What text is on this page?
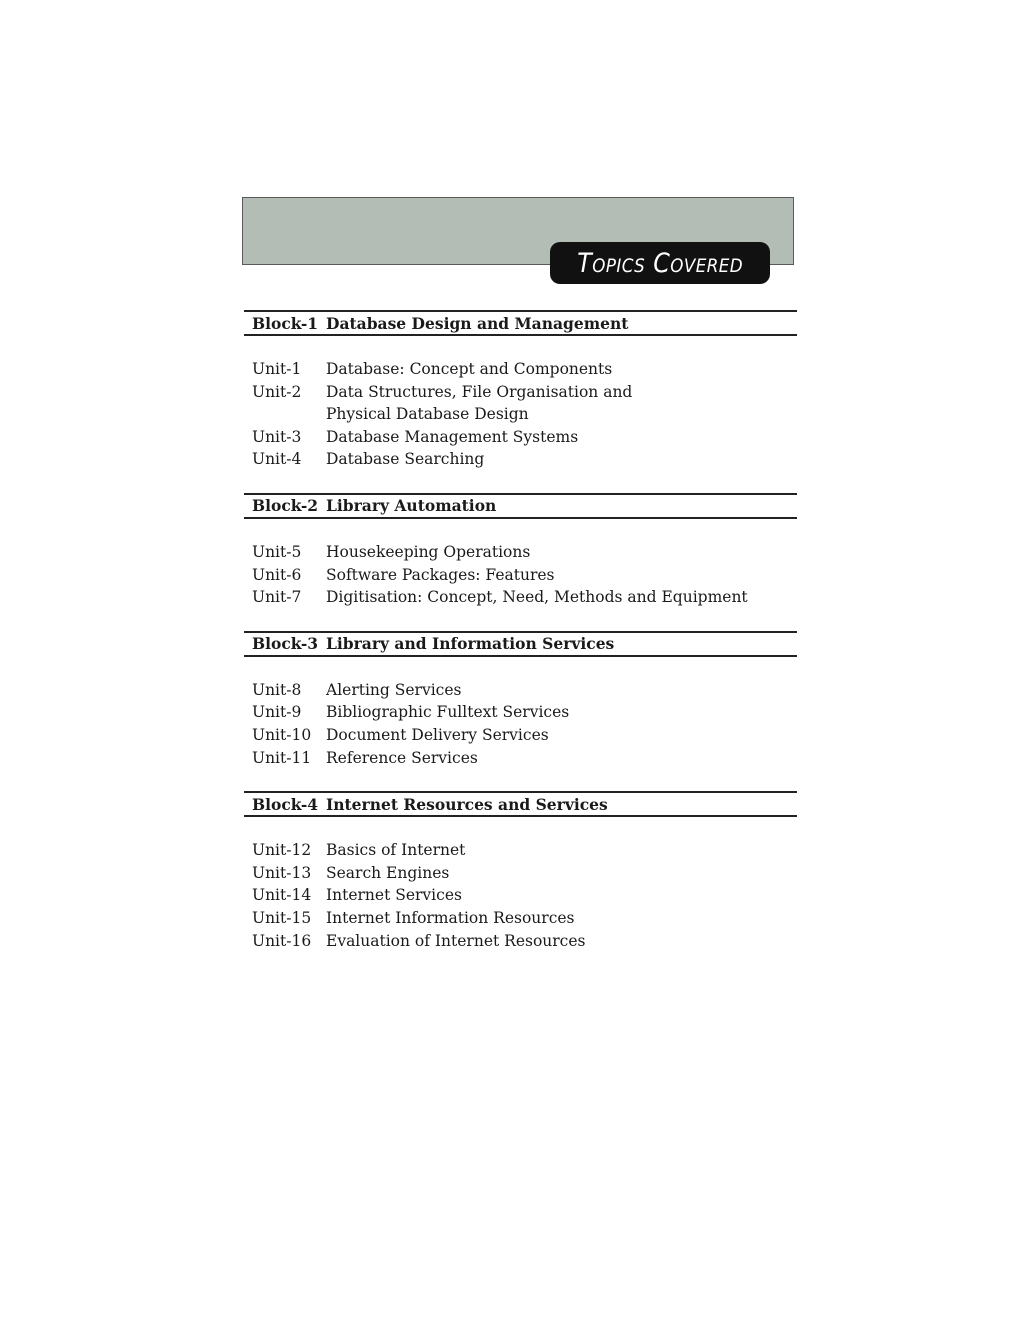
Topics Covered
Block-1 Database Design and Management
Unit-1	Database: Concept and Components
Unit-2	Data Structures, File Organisation and Physical Database Design
Unit-3	Database Management Systems
Unit-4	Database Searching
Block-2 Library Automation
Unit-5	Housekeeping Operations
Unit-6	Software Packages: Features
Unit-7	Digitisation: Concept, Need, Methods and Equipment
Block-3 Library and Information Services
Unit-8	Alerting Services
Unit-9	Bibliographic Fulltext Services
Unit-10 Document Delivery Services
Unit-11 Reference Services
Block-4 Internet Resources and Services
Unit-12 Basics of Internet
Unit-13 Search Engines
Unit-14 Internet Services
Unit-15 Internet Information Resources
Unit-16 Evaluation of Internet Resources
